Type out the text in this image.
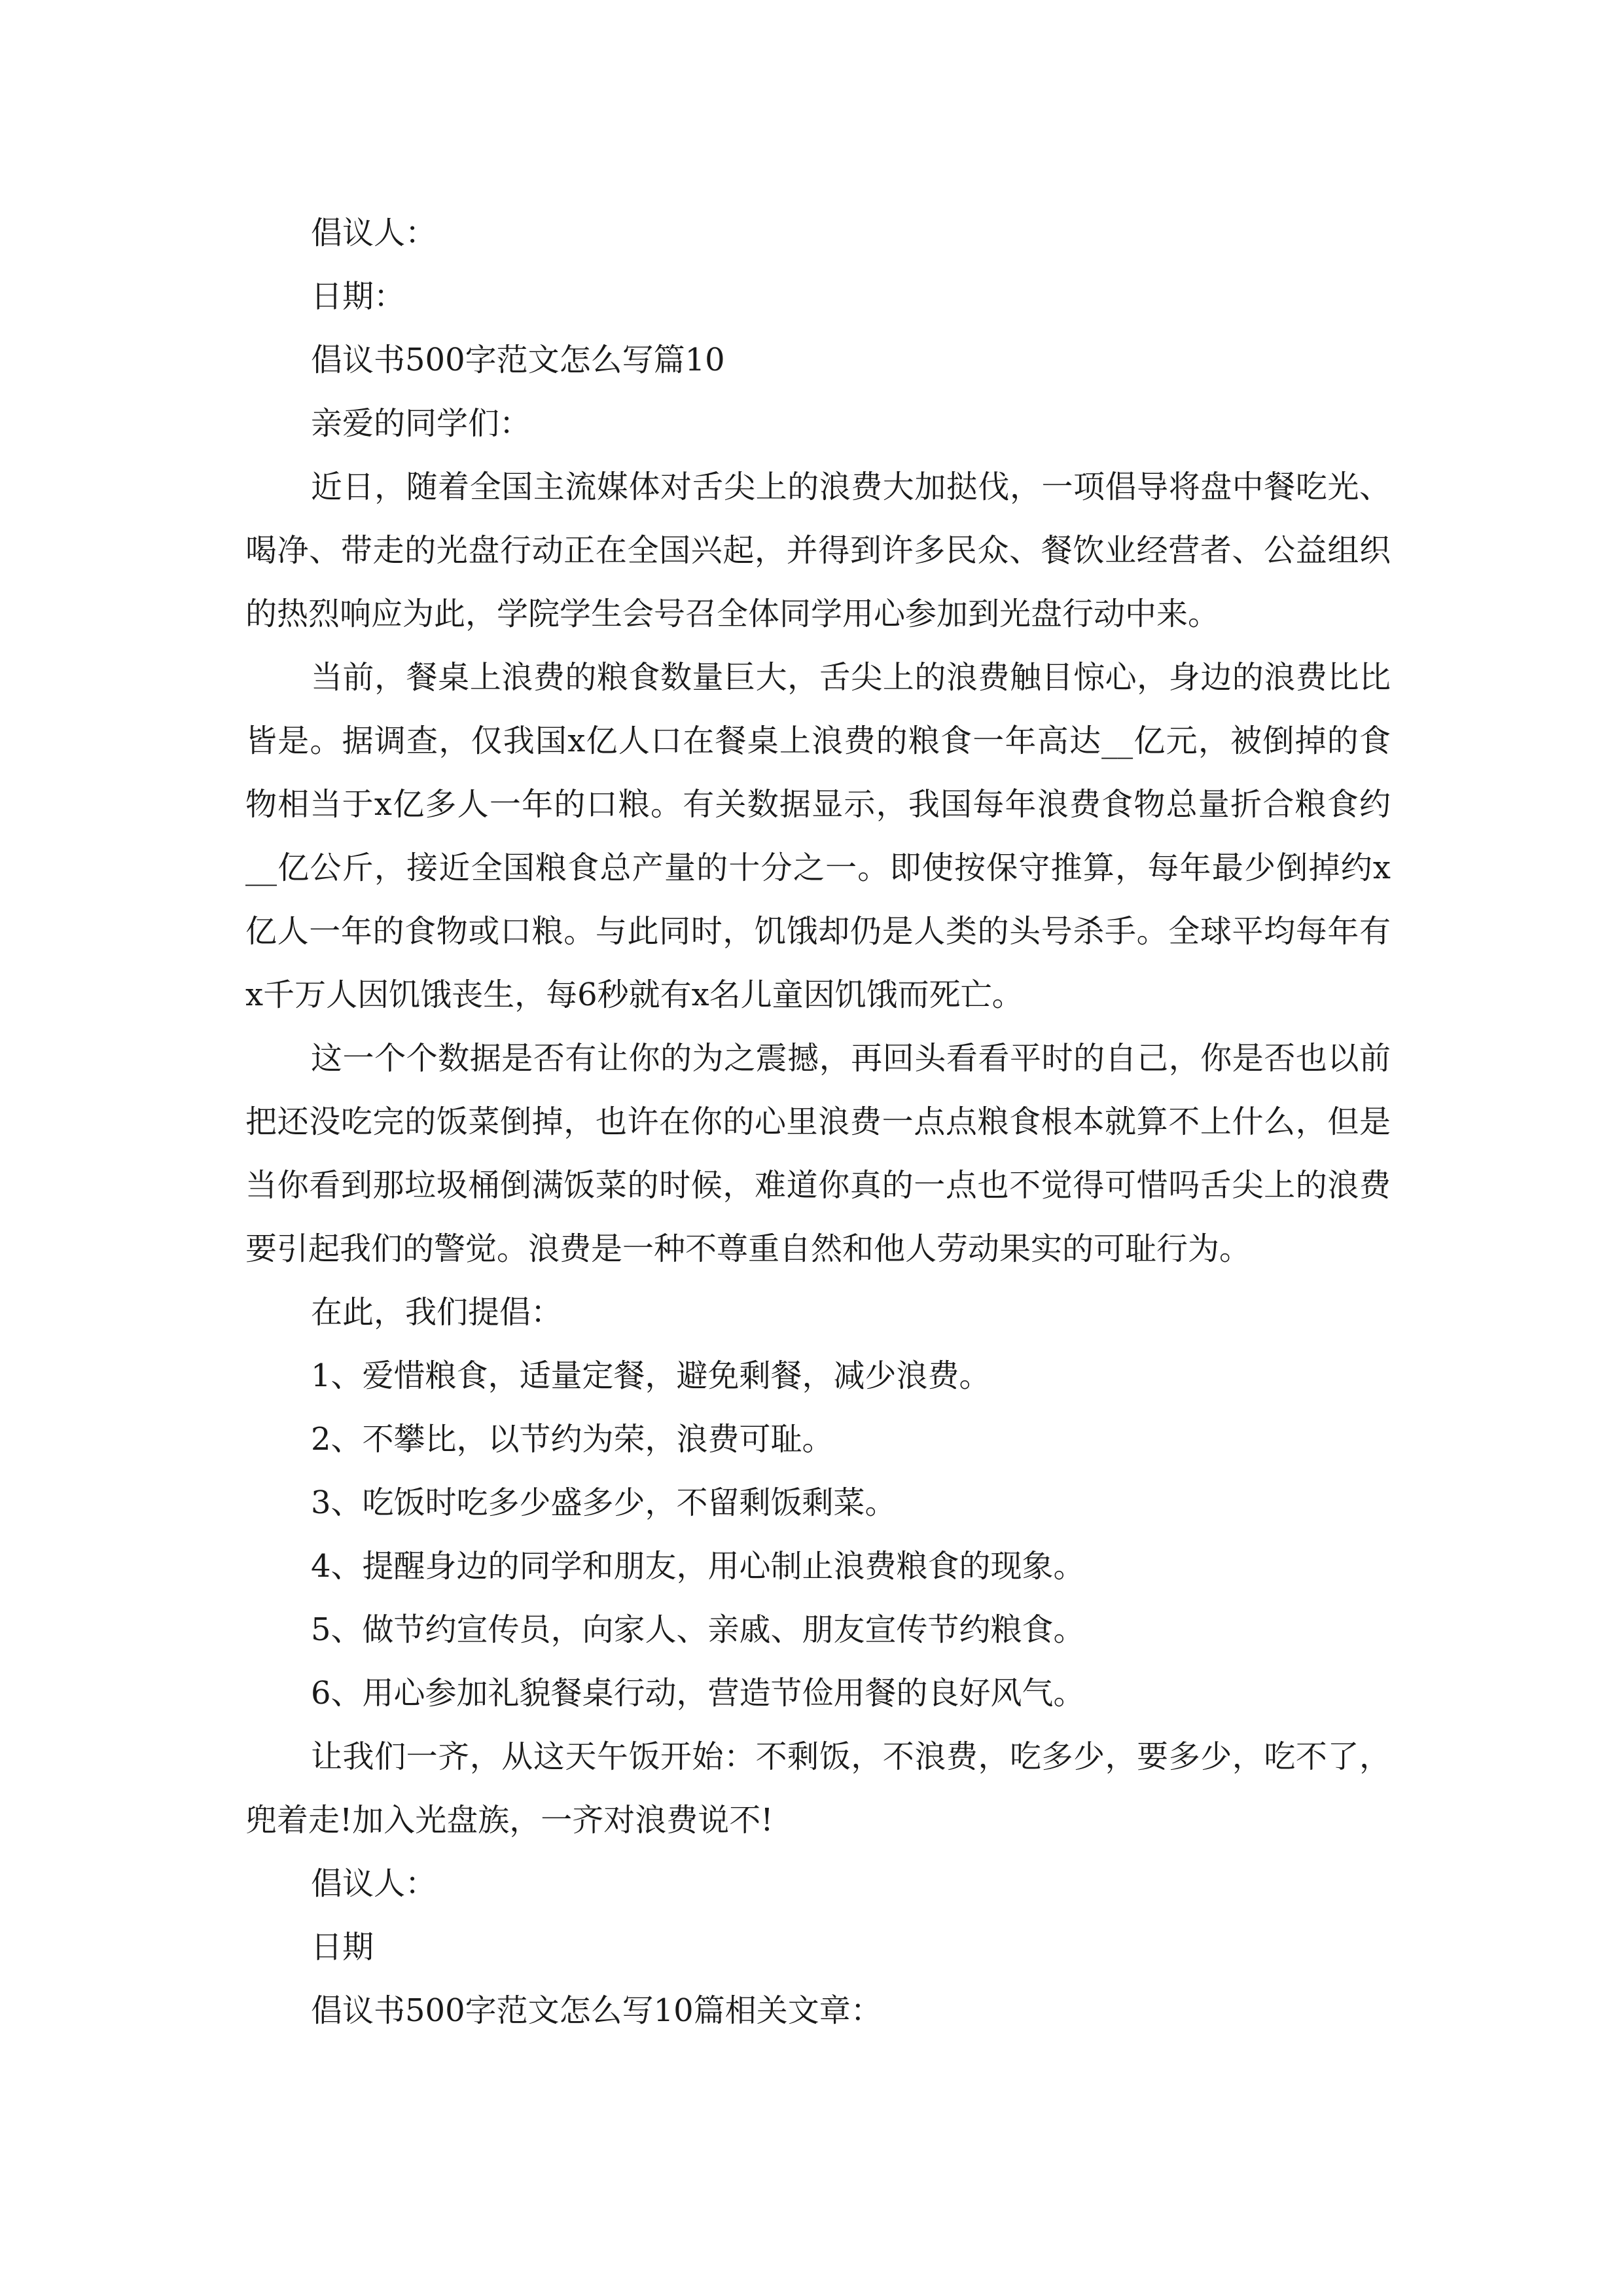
倡议人：

日期：

倡议书500字范文怎么写篇10

亲爱的同学们：

近日，随着全国主流媒体对舌尖上的浪费大加挞伐，一项倡导将盘中餐吃光、喝净、带走的光盘行动正在全国兴起，并得到许多民众、餐饮业经营者、公益组织的热烈响应为此，学院学生会号召全体同学用心参加到光盘行动中来。

当前，餐桌上浪费的粮食数量巨大，舌尖上的浪费触目惊心，身边的浪费比比皆是。据调查，仅我国x亿人口在餐桌上浪费的粮食一年高达__亿元，被倒掉的食物相当于x亿多人一年的口粮。有关数据显示，我国每年浪费食物总量折合粮食约__亿公斤，接近全国粮食总产量的十分之一。即使按保守推算，每年最少倒掉约x亿人一年的食物或口粮。与此同时，饥饿却仍是人类的头号杀手。全球平均每年有x千万人因饥饿丧生，每6秒就有x名儿童因饥饿而死亡。

这一个个数据是否有让你的为之震撼，再回头看看平时的自己，你是否也以前把还没吃完的饭菜倒掉，也许在你的心里浪费一点点粮食根本就算不上什么，但是当你看到那垃圾桶倒满饭菜的时候，难道你真的一点也不觉得可惜吗舌尖上的浪费要引起我们的警觉。浪费是一种不尊重自然和他人劳动果实的可耻行为。

在此，我们提倡：

1、爱惜粮食，适量定餐，避免剩餐，减少浪费。

2、不攀比，以节约为荣，浪费可耻。

3、吃饭时吃多少盛多少，不留剩饭剩菜。

4、提醒身边的同学和朋友，用心制止浪费粮食的现象。

5、做节约宣传员，向家人、亲戚、朋友宣传节约粮食。

6、用心参加礼貌餐桌行动，营造节俭用餐的良好风气。

让我们一齐，从这天午饭开始：不剩饭，不浪费，吃多少，要多少，吃不了，兜着走!加入光盘族，一齐对浪费说不!

倡议人：

日期

倡议书500字范文怎么写10篇相关文章：
